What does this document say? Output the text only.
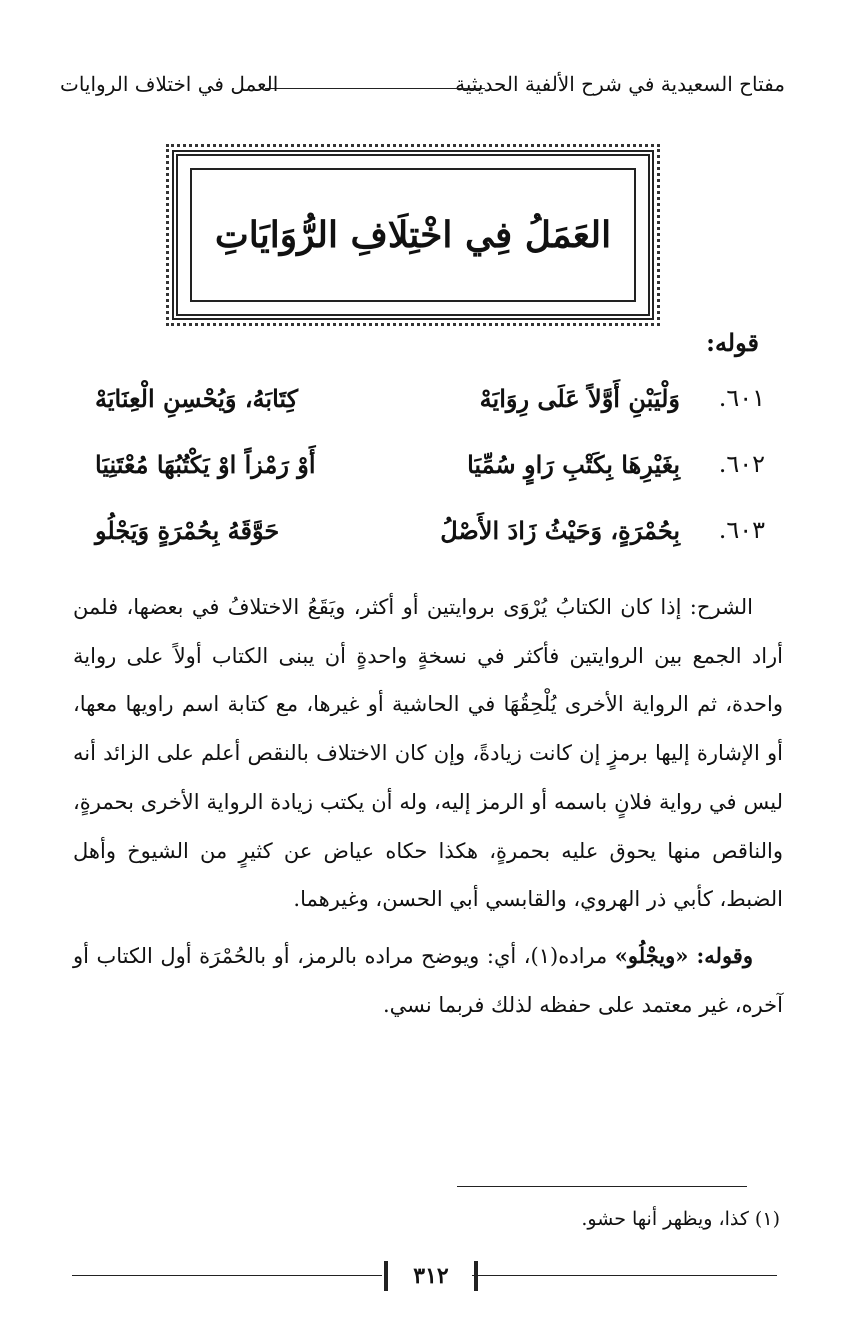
مفتاح السعيدية في شرح الألفية الحديثية
العمل في اختلاف الروايات
العَمَلُ فِي اخْتِلَافِ الرُّوَايَاتِ
قوله:
٦٠١.
وَلْيَبْنِ أَوَّلاً عَلَى رِوَايَهْ
كِتَابَهُ، وَيُحْسِنِ الْعِنَايَهْ
٦٠٢.
بِغَيْرِهَا بِكَتْبِ رَاوٍ سُمِّيَا
أَوْ رَمْزاً اوْ يَكْتُبُهَا مُعْتَنِيَا
٦٠٣.
بِحُمْرَةٍ، وَحَيْثُ زَادَ الأَصْلُ
حَوَّقَهُ بِحُمْرَةٍ وَيَجْلُو

الشرح: إذا كان الكتابُ يُرْوَى بروايتين أو أكثر، ويَقَعُ الاختلافُ في بعضها، فلمن أراد الجمع بين الروايتين فأكثر في نسخةٍ واحدةٍ أن يبنى الكتاب أولاً على رواية واحدة، ثم الرواية الأخرى يُلْحِقُهَا في الحاشية أو غيرها، مع كتابة اسم راويها معها، أو الإشارة إليها برمزٍ إن كانت زيادةً، وإن كان الاختلاف بالنقص أعلم على الزائد أنه ليس في رواية فلانٍ باسمه أو الرمز إليه، وله أن يكتب زيادة الرواية الأخرى بحمرةٍ، والناقص منها يحوق عليه بحمرةٍ، هكذا حكاه عياض عن كثيرٍ من الشيوخ وأهل الضبط، كأبي ذر الهروي، والقابسي أبي الحسن، وغيرهما.

وقوله: «ويجْلُو» مراده(١)، أي: ويوضح مراده بالرمز، أو بالحُمْرَة أول الكتاب أو آخره، غير معتمد على حفظه لذلك فربما نسي.

(١) كذا، ويظهر أنها حشو.
٣١٢
